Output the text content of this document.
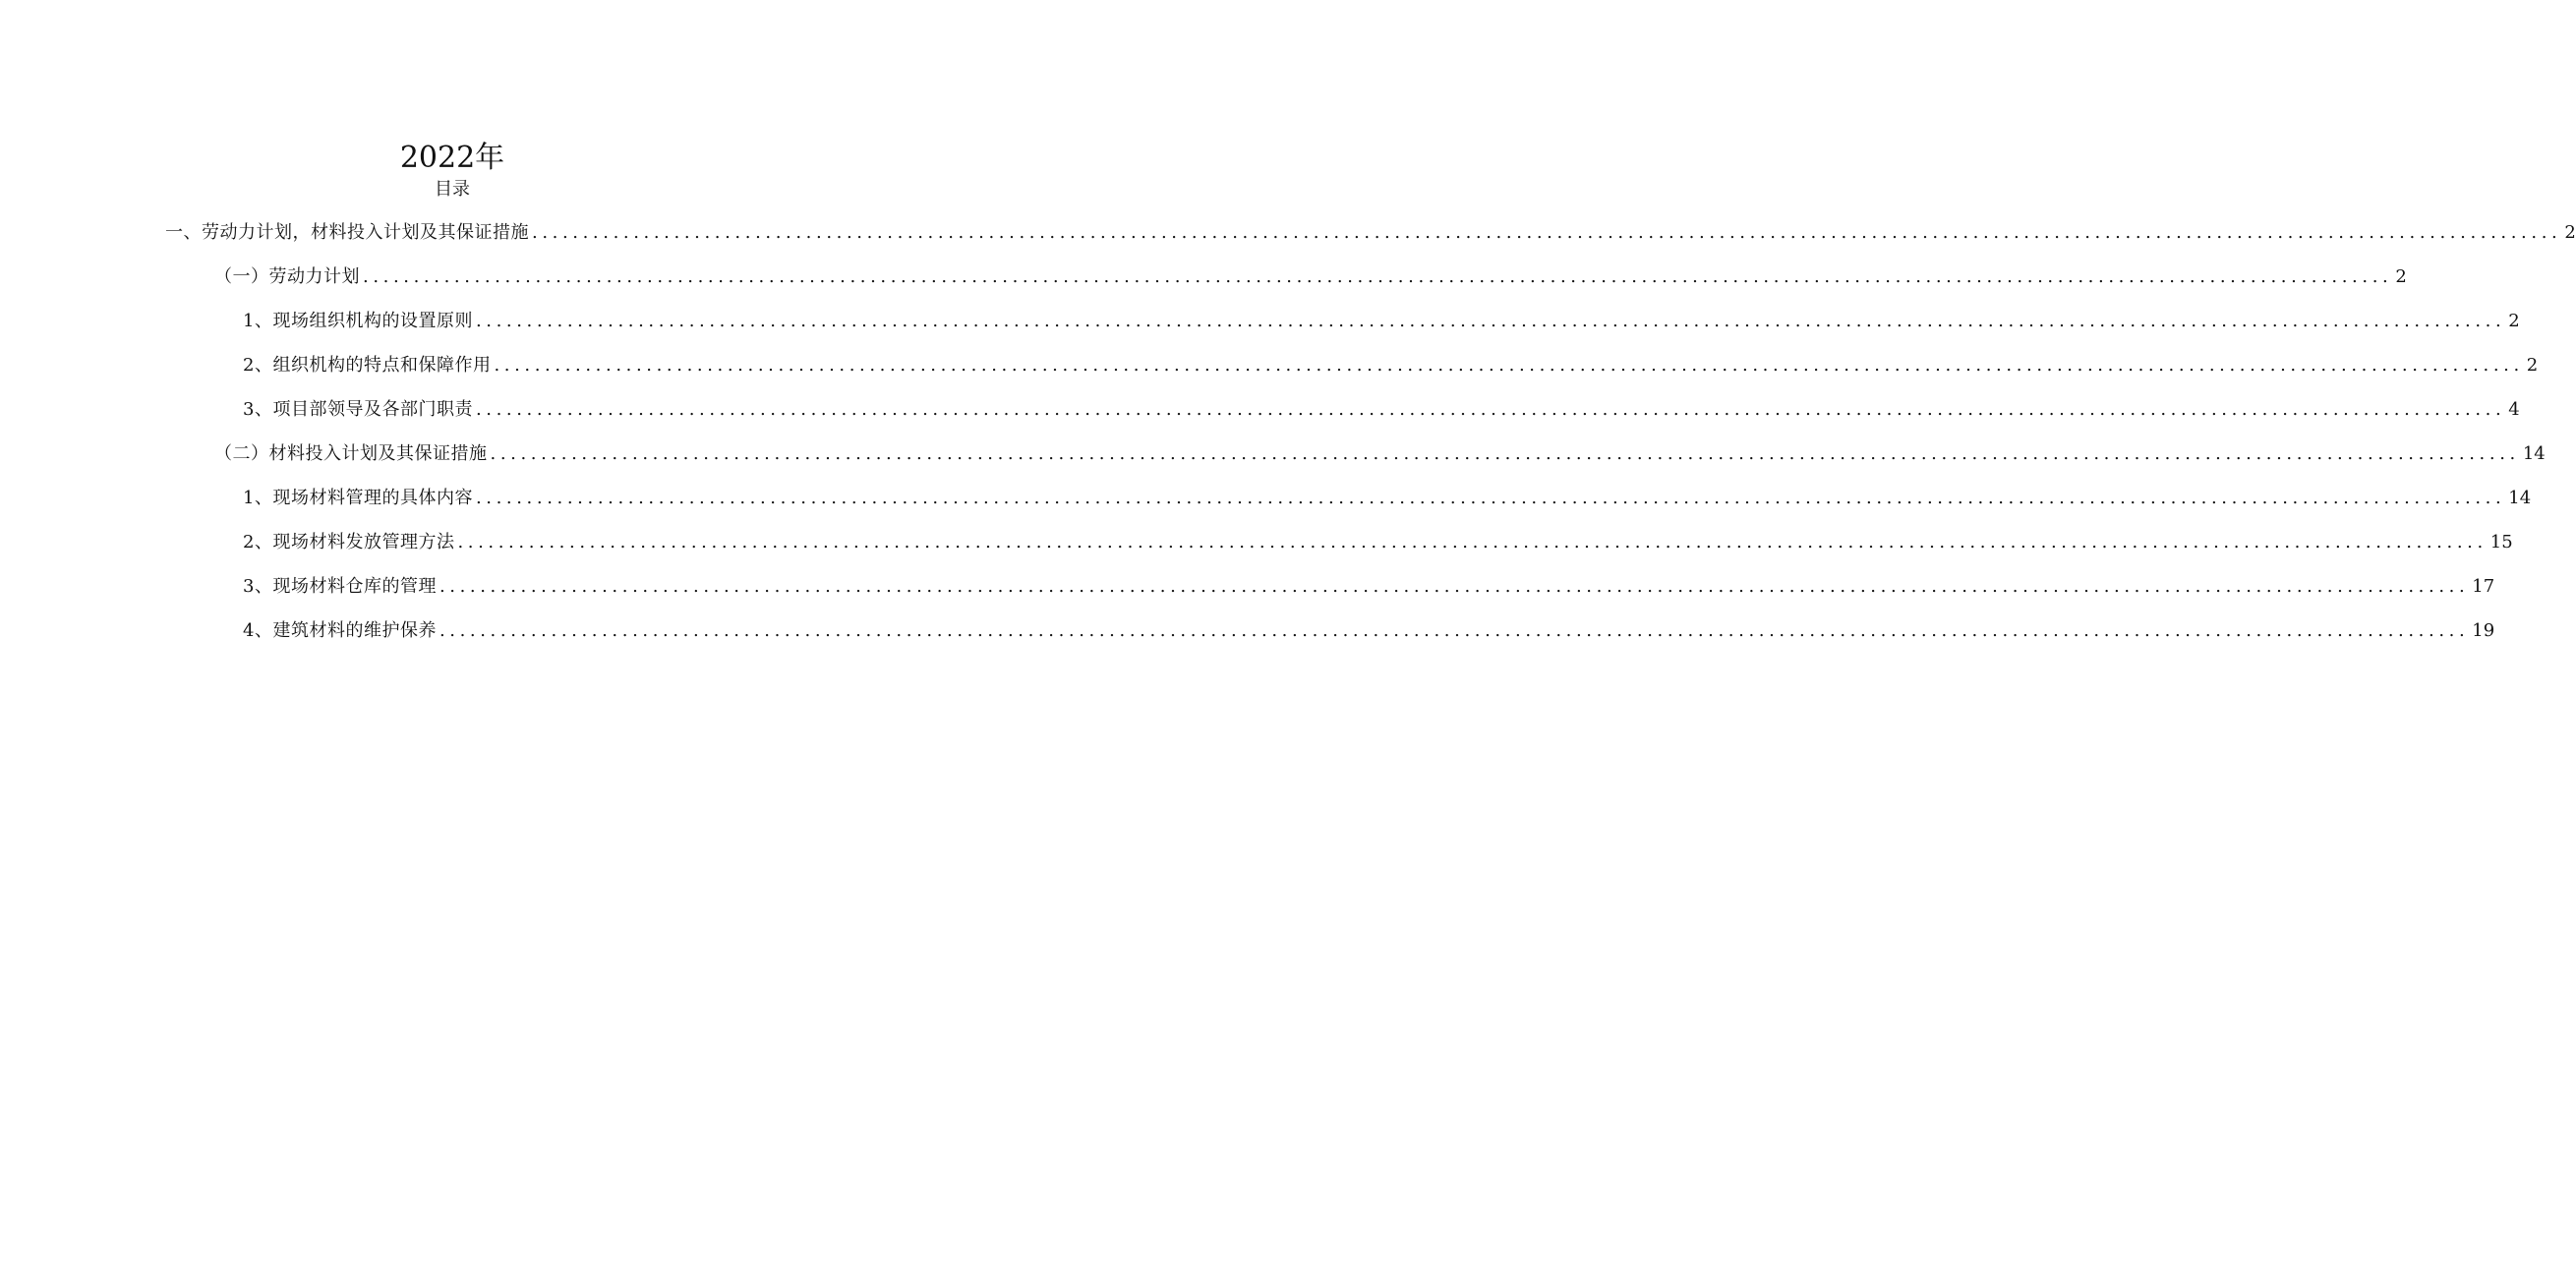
2022年
目录
一、劳动力计划，材料投入计划及其保证措施 ........................................................................................................................................................................................................ 2
（一）劳动力计划 ........................................................................................................................................................................................................ 2
1、现场组织机构的设置原则 ........................................................................................................................................................................................................ 2
2、组织机构的特点和保障作用 ........................................................................................................................................................................................................ 2
3、项目部领导及各部门职责 ........................................................................................................................................................................................................ 4
（二）材料投入计划及其保证措施 ........................................................................................................................................................................................................ 14
1、现场材料管理的具体内容 ........................................................................................................................................................................................................ 14
2、现场材料发放管理方法 ........................................................................................................................................................................................................ 15
3、现场材料仓库的管理 ........................................................................................................................................................................................................ 17
4、建筑材料的维护保养 ........................................................................................................................................................................................................ 19
